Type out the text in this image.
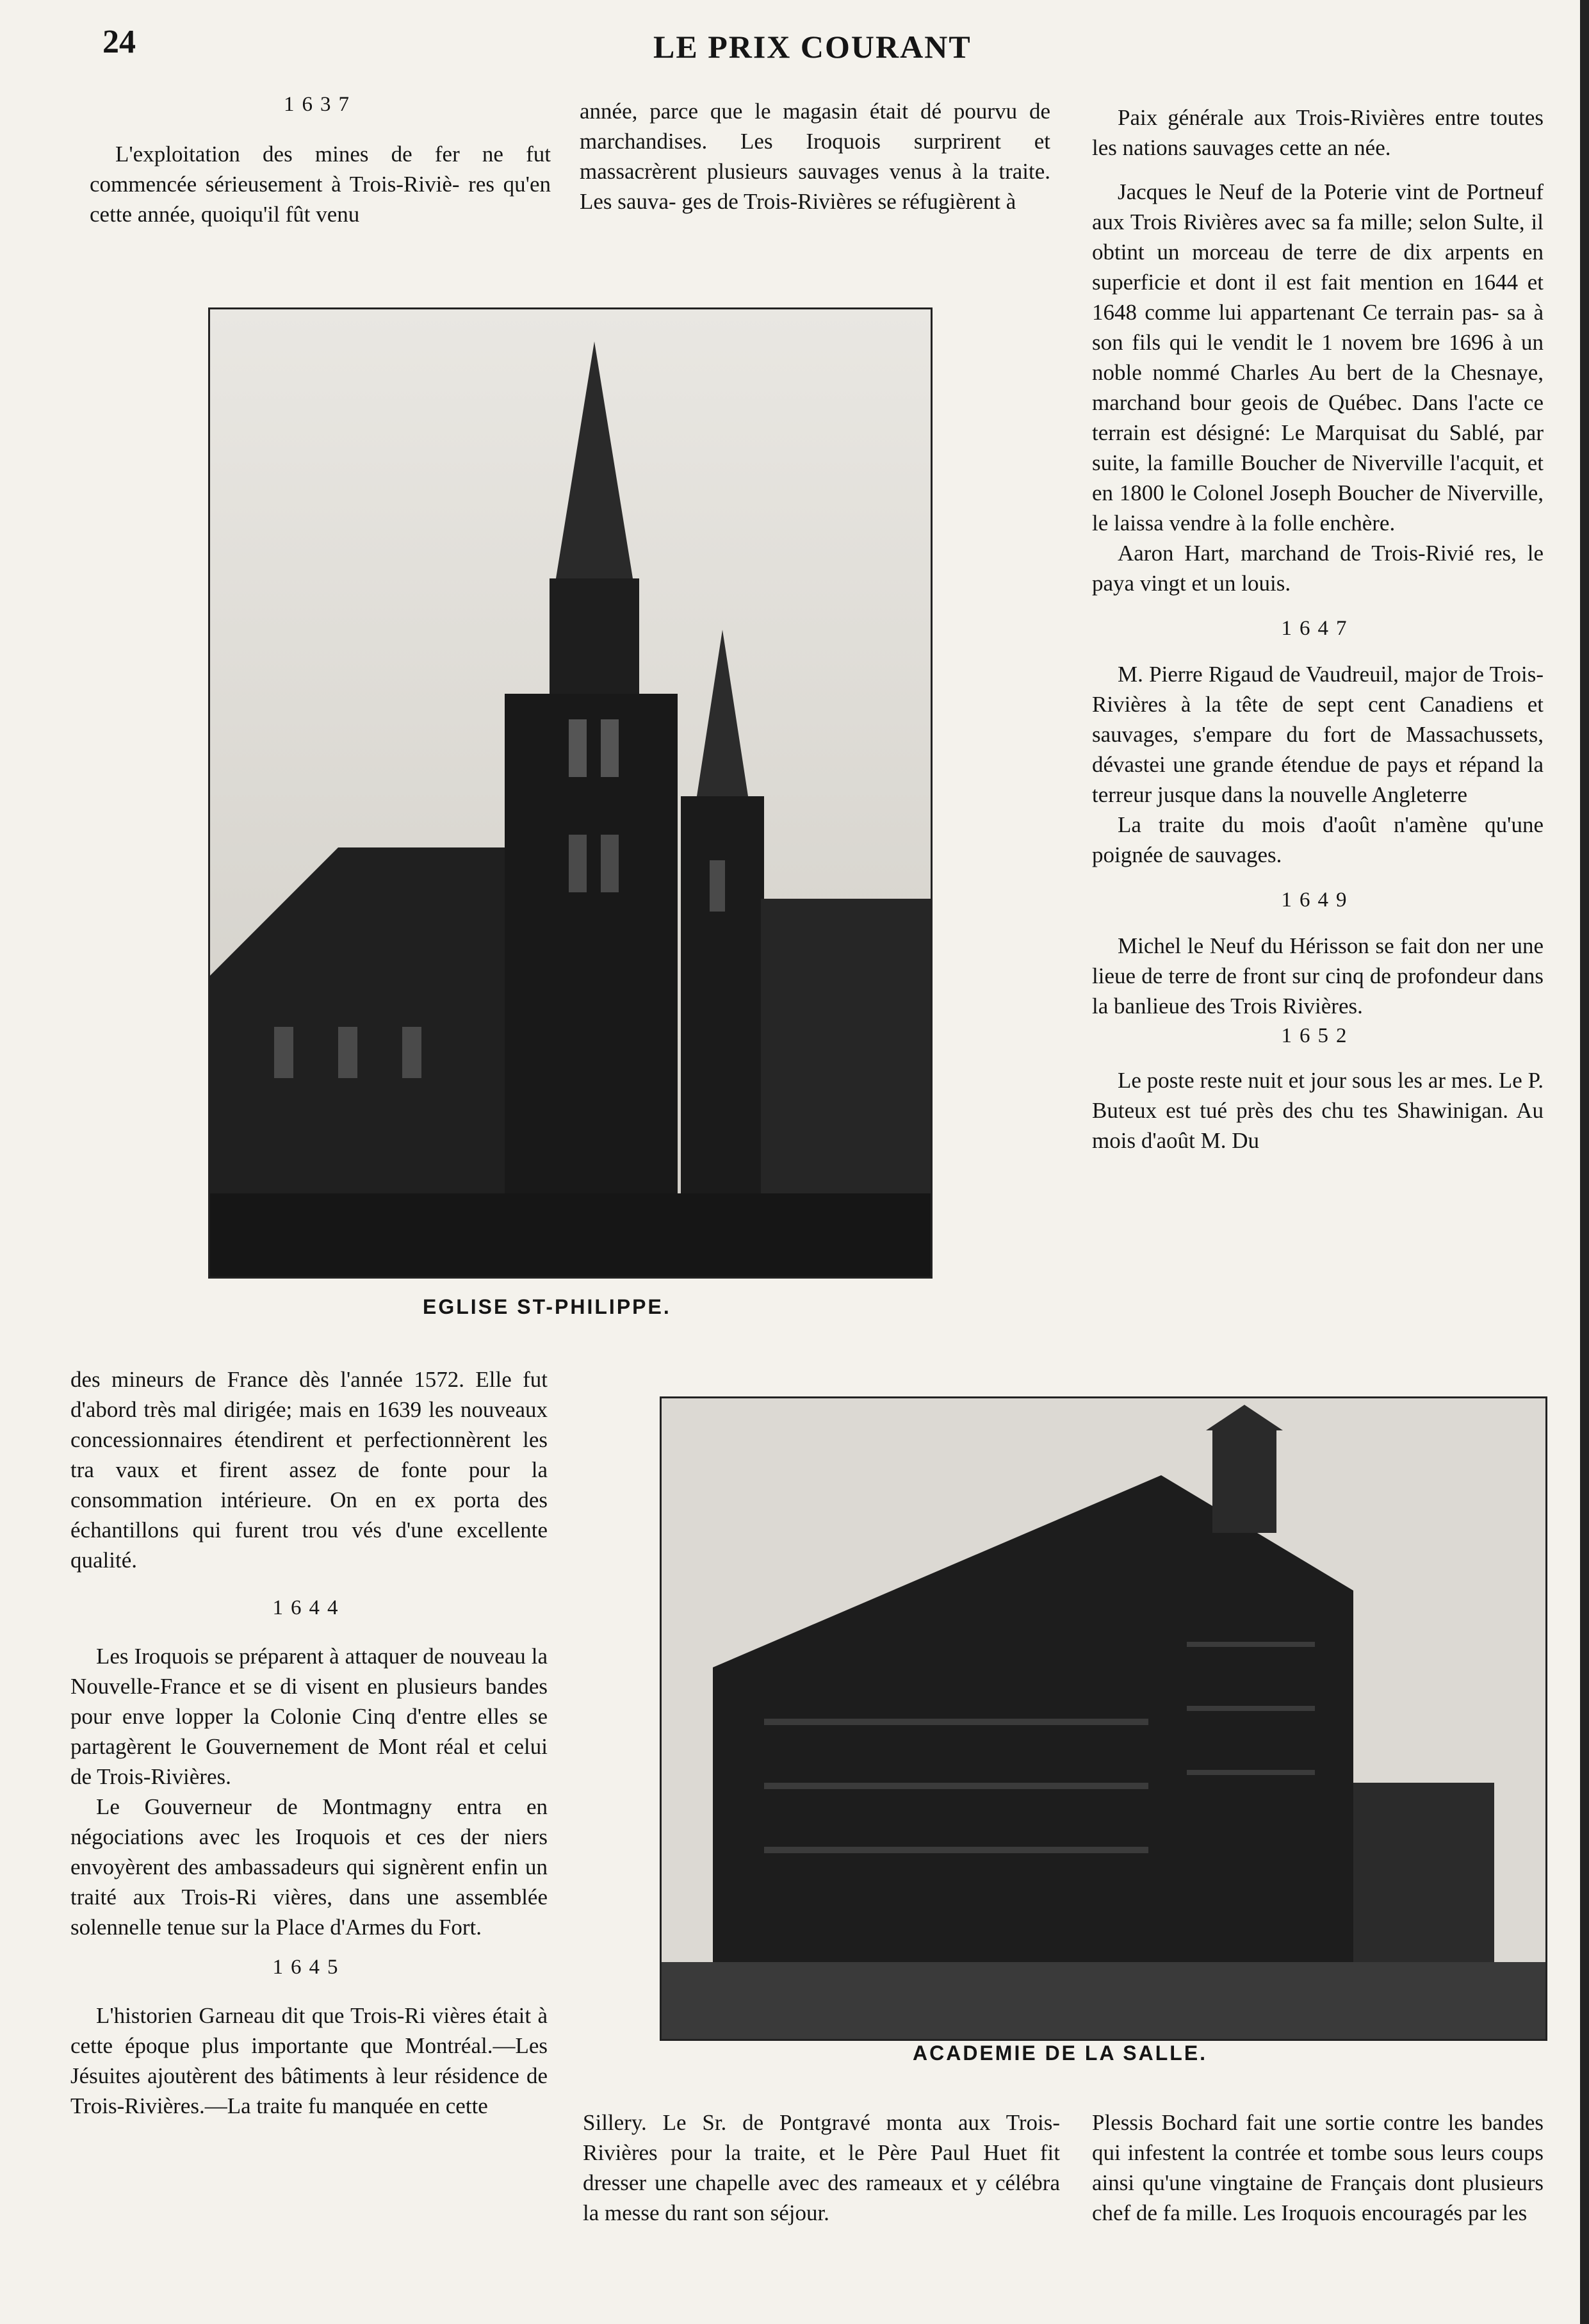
24	LE PRIX COURANT
1637

L'exploitation des mines de fer ne fut commencée sérieusement à Trois-Riviè- res qu'en cette année, quoiqu'il fût venu

année, parce que le magasin était dé pourvu de marchandises. Les Iroquois surprirent et massacrèrent plusieurs sauvages venus à la traite. Les sauva- ges de Trois-Rivières se réfugièrent à

Paix générale aux Trois-Rivières entre toutes les nations sauvages cette an née.

Jacques le Neuf de la Poterie vint de Portneuf aux Trois Rivières avec sa fa mille; selon Sulte, il obtint un morceau de terre de dix arpents en superficie et dont il est fait mention en 1644 et 1648 comme lui appartenant Ce terrain pas- sa à son fils qui le vendit le 1 novem bre 1696 à un noble nommé Charles Au bert de la Chesnaye, marchand bour geois de Québec. Dans l'acte ce terrain est désigné: Le Marquisat du Sablé, par suite, la famille Boucher de Niverville l'acquit, et en 1800 le Colonel Joseph Boucher de Niverville, le laissa vendre à la folle enchère.

Aaron Hart, marchand de Trois-Rivié res, le paya vingt et un louis.

1647

M. Pierre Rigaud de Vaudreuil, major de Trois-Rivières à la tête de sept cent Canadiens et sauvages, s'empare du fort de Massachussets, dévastei une grande étendue de pays et répand la terreur jusque dans la nouvelle Angleterre

La traite du mois d'août n'amène qu'une poignée de sauvages.

1649

Michel le Neuf du Hérisson se fait don ner une lieue de terre de front sur cinq de profondeur dans la banlieue des Trois Rivières.

1652

Le poste reste nuit et jour sous les ar mes. Le P. Buteux est tué près des chu tes Shawinigan. Au mois d'août M. Du

EGLISE ST-PHILIPPE.

des mineurs de France dès l'année 1572. Elle fut d'abord très mal dirigée; mais en 1639 les nouveaux concessionnaires étendirent et perfectionnèrent les tra vaux et firent assez de fonte pour la consommation intérieure. On en ex porta des échantillons qui furent trou vés d'une excellente qualité.

1644

Les Iroquois se préparent à attaquer de nouveau la Nouvelle-France et se di visent en plusieurs bandes pour enve lopper la Colonie Cinq d'entre elles se partagèrent le Gouvernement de Mont réal et celui de Trois-Rivières.

Le Gouverneur de Montmagny entra en négociations avec les Iroquois et ces der niers envoyèrent des ambassadeurs qui signèrent enfin un traité aux Trois-Ri vières, dans une assemblée solennelle tenue sur la Place d'Armes du Fort.

1645

L'historien Garneau dit que Trois-Ri vières était à cette époque plus importante que Montréal.—Les Jésuites ajoutèrent des bâtiments à leur résidence de Trois-Rivières.—La traite fu manquée en cette

ACADEMIE DE LA SALLE.

Sillery. Le Sr. de Pontgravé monta aux Trois-Rivières pour la traite, et le Père Paul Huet fit dresser une chapelle avec des rameaux et y célébra la messe du rant son séjour.

Plessis Bochard fait une sortie contre les bandes qui infestent la contrée et tombe sous leurs coups ainsi qu'une vingtaine de Français dont plusieurs chef de fa mille. Les Iroquois encouragés par les
